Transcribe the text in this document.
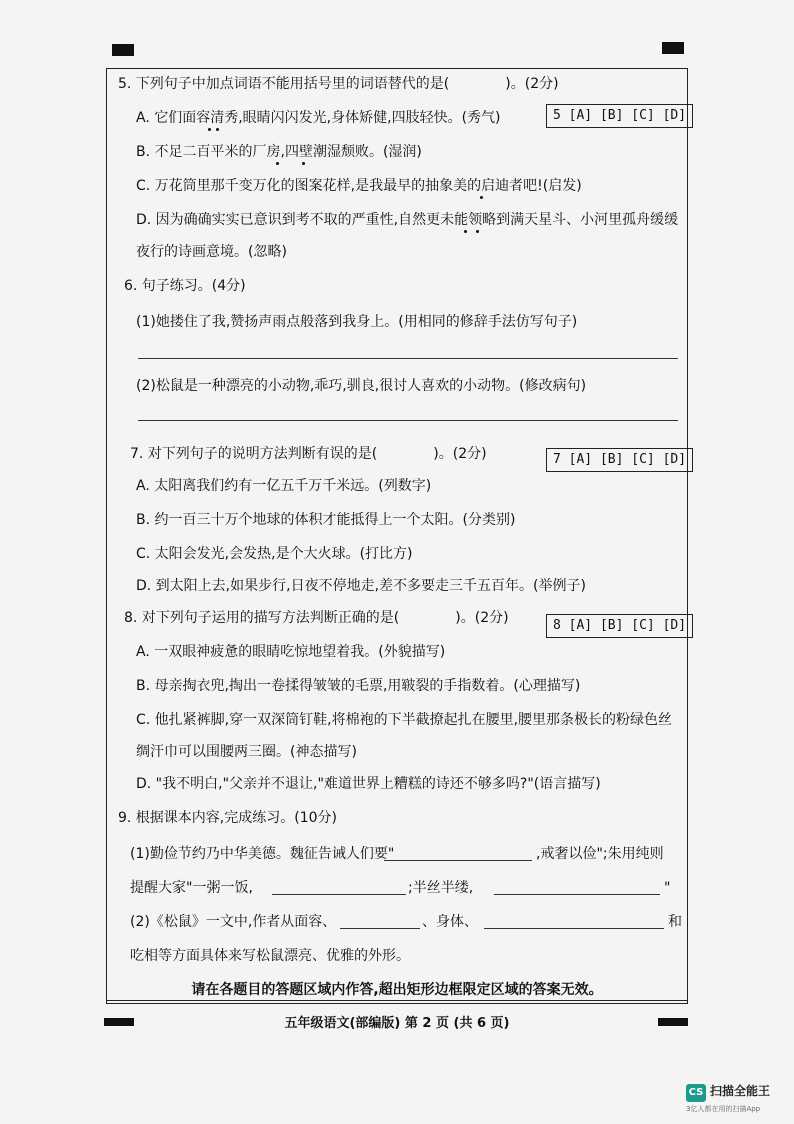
5. 下列句子中加点词语不能用括号里的词语替代的是(　　　　)。(2分)
5 [A] [B] [C] [D]
A. 它们面容清秀,眼睛闪闪发光,身体矫健,四肢轻快。(秀气)
B. 不足二百平米的厂房,四壁潮湿颓败。(湿润)
C. 万花筒里那千变万化的图案花样,是我最早的抽象美的启迪者吧!(启发)
D. 因为确确实实已意识到考不取的严重性,自然更未能领略到满天星斗、小河里孤舟缓缓
夜行的诗画意境。(忽略)
6. 句子练习。(4分)
(1)她搂住了我,赞扬声雨点般落到我身上。(用相同的修辞手法仿写句子)
(2)松鼠是一种漂亮的小动物,乖巧,驯良,很讨人喜欢的小动物。(修改病句)
7. 对下列句子的说明方法判断有误的是(　　　　)。(2分)	7 [A] [B] [C] [D]
A. 太阳离我们约有一亿五千万千米远。(列数字)
B. 约一百三十万个地球的体积才能抵得上一个太阳。(分类别)
C. 太阳会发光,会发热,是个大火球。(打比方)
D. 到太阳上去,如果步行,日夜不停地走,差不多要走三千五百年。(举例子)
8. 对下列句子运用的描写方法判断正确的是(　　　　)。(2分)	8 [A] [B] [C] [D]
A. 一双眼神疲惫的眼睛吃惊地望着我。(外貌描写)
B. 母亲掏衣兜,掏出一卷揉得皱皱的毛票,用皲裂的手指数着。(心理描写)
C. 他扎紧裤脚,穿一双深筒钉鞋,将棉袍的下半截撩起扎在腰里,腰里那条极长的粉绿色丝
绸汗巾可以围腰两三圈。(神态描写)
D. "我不明白,"父亲并不退让,"难道世界上糟糕的诗还不够多吗?"(语言描写)
9. 根据课本内容,完成练习。(10分)
(1)勤俭节约乃中华美德。魏征告诫人们要"	,戒奢以俭";朱用纯则
提醒大家"一粥一饭,	;半丝半缕,	"
(2)《松鼠》一文中,作者从面容、	、身体、	和
吃相等方面具体来写松鼠漂亮、优雅的外形。
请在各题目的答题区域内作答,超出矩形边框限定区域的答案无效。
五年级语文(部编版) 第 2 页 (共 6 页)
CS 扫描全能王
3亿人都在用的扫描App
